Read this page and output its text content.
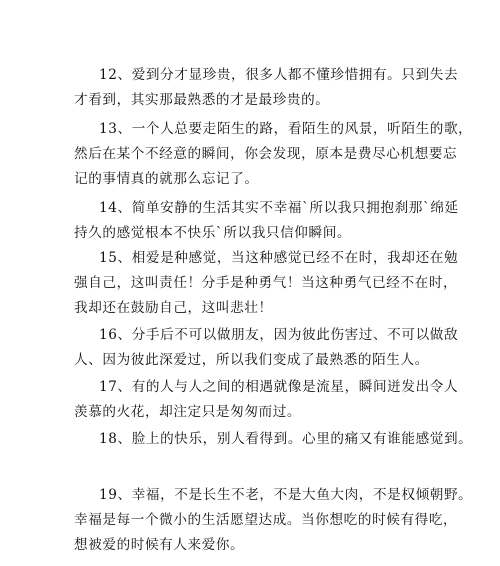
12、爱到分才显珍贵，很多人都不懂珍惜拥有。只到失去
才看到，其实那最熟悉的才是最珍贵的。

13、一个人总要走陌生的路，看陌生的风景，听陌生的歌，
然后在某个不经意的瞬间，你会发现，原本是费尽心机想要忘
记的事情真的就那么忘记了。

14、简单安静的生活其实不幸福`所以我只拥抱刹那`绵延
持久的感觉根本不快乐`所以我只信仰瞬间。

15、相爱是种感觉，当这种感觉已经不在时，我却还在勉
强自己，这叫责任！分手是种勇气！当这种勇气已经不在时，
我却还在鼓励自己，这叫悲壮！

16、分手后不可以做朋友，因为彼此伤害过、不可以做敌
人、因为彼此深爱过，所以我们变成了最熟悉的陌生人。

17、有的人与人之间的相遇就像是流星，瞬间迸发出令人
羡慕的火花，却注定只是匆匆而过。

18、脸上的快乐，别人看得到。心里的痛又有谁能感觉到。

19、幸福，不是长生不老，不是大鱼大肉，不是权倾朝野。
幸福是每一个微小的生活愿望达成。当你想吃的时候有得吃，
想被爱的时候有人来爱你。
